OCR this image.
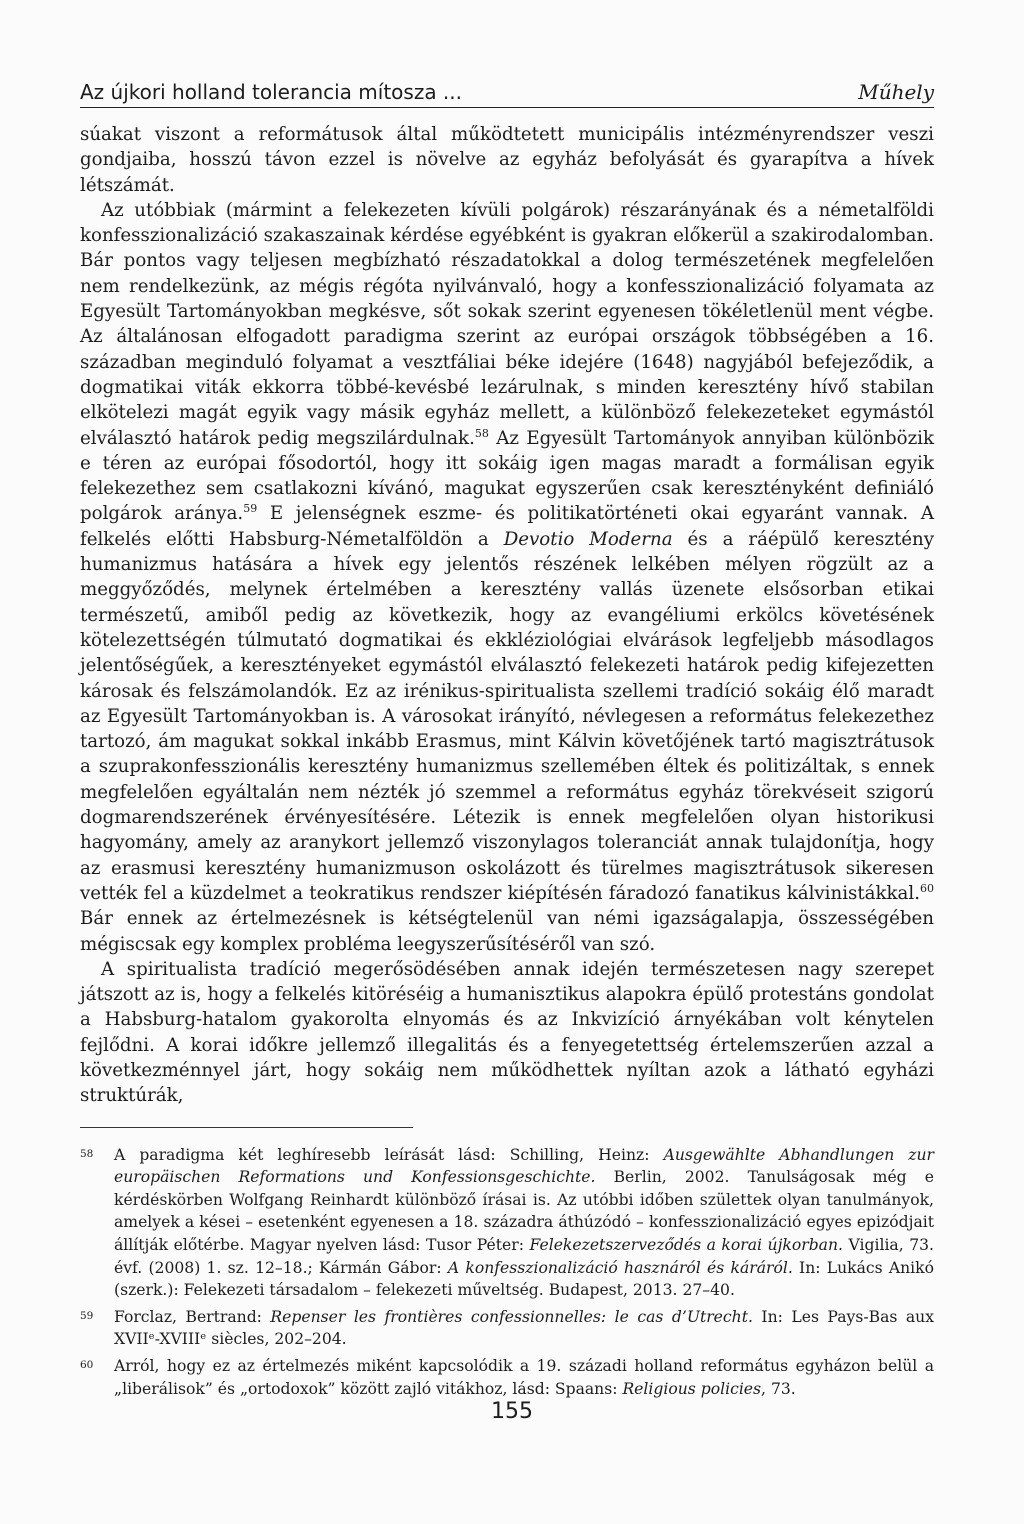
Az újkori holland tolerancia mítosza ...	Műhely

súakat viszont a reformátusok által működtetett municipális intézményrendszer veszi gondjaiba, hosszú távon ezzel is növelve az egyház befolyását és gyarapítva a hívek létszámát.

Az utóbbiak (mármint a felekezeten kívüli polgárok) részarányának és a németalföldi konfesszionalizáció szakaszainak kérdése egyébként is gyakran előkerül a szakirodalomban. Bár pontos vagy teljesen megbízható részadatokkal a dolog természetének megfelelően nem rendelkezünk, az mégis régóta nyilvánvaló, hogy a konfesszionalizáció folyamata az Egyesült Tartományokban megkésve, sőt sokak szerint egyenesen tökéletlenül ment végbe. Az általánosan elfogadott paradigma szerint az európai országok többségében a 16. században meginduló folyamat a vesztfáliai béke idejére (1648) nagyjából befejeződik, a dogmatikai viták ekkorra többé-kevésbé lezárulnak, s minden keresztény hívő stabilan elkötelezi magát egyik vagy másik egyház mellett, a különböző felekezeteket egymástól elválasztó határok pedig megszilárdulnak.$^{58}$ Az Egyesült Tartományok annyiban különbözik e téren az európai fősodortól, hogy itt sokáig igen magas maradt a formálisan egyik felekezethez sem csatlakozni kívánó, magukat egyszerűen csak keresztényként definiáló polgárok aránya.$^{59}$ E jelenségnek eszme- és politikatörténeti okai egyaránt vannak. A felkelés előtti Habsburg-Németalföldön a Devotio Moderna és a ráépülő keresztény humanizmus hatására a hívek egy jelentős részének lelkében mélyen rögzült az a meggyőződés, melynek értelmében a keresztény vallás üzenete elsősorban etikai természetű, amiből pedig az következik, hogy az evangéliumi erkölcs követésének kötelezettségén túlmutató dogmatikai és ekkléziológiai elvárások legfeljebb másodlagos jelentőségűek, a keresztényeket egymástól elválasztó felekezeti határok pedig kifejezetten károsak és felszámolandók. Ez az irénikus-spiritualista szellemi tradíció sokáig élő maradt az Egyesült Tartományokban is. A városokat irányító, névlegesen a református felekezethez tartozó, ám magukat sokkal inkább Erasmus, mint Kálvin követőjének tartó magisztrátusok a szuprakonfesszionális keresztény humanizmus szellemében éltek és politizáltak, s ennek megfelelően egyáltalán nem nézték jó szemmel a református egyház törekvéseit szigorú dogmarendszerének érvényesítésére. Létezik is ennek megfelelően olyan historikusi hagyomány, amely az aranykort jellemző viszonylagos toleranciát annak tulajdonítja, hogy az erasmusi keresztény humanizmuson oskolázott és türelmes magisztrátusok sikeresen vették fel a küzdelmet a teokratikus rendszer kiépítésén fáradozó fanatikus kálvinistákkal.$^{60}$ Bár ennek az értelmezésnek is kétségtelenül van némi igazságalapja, összességében mégiscsak egy komplex probléma leegyszerűsítéséről van szó.

A spiritualista tradíció megerősödésében annak idején természetesen nagy szerepet játszott az is, hogy a felkelés kitöréséig a humanisztikus alapokra épülő protestáns gondolat a Habsburg-hatalom gyakorolta elnyomás és az Inkvizíció árnyékában volt kénytelen fejlődni. A korai időkre jellemző illegalitás és a fenyegetettség értelemszerűen azzal a következménnyel járt, hogy sokáig nem működhettek nyíltan azok a látható egyházi struktúrák,

58	A paradigma két leghíresebb leírását lásd: Schilling, Heinz: Ausgewählte Abhandlungen zur europäischen Reformations und Konfessionsgeschichte. Berlin, 2002. Tanulságosak még e kérdéskörben Wolfgang Reinhardt különböző írásai is. Az utóbbi időben születtek olyan tanulmányok, amelyek a kései – esetenként egyenesen a 18. századra áthúzódó – konfesszionalizáció egyes epizódjait állítják előtérbe. Magyar nyelven lásd: Tusor Péter: Felekezetszerveződés a korai újkorban. Vigilia, 73. évf. (2008) 1. sz. 12–18.; Kármán Gábor: A konfesszionalizáció hasznáról és káráról. In: Lukács Anikó (szerk.): Felekezeti társadalom – felekezeti műveltség. Budapest, 2013. 27–40.
59	Forclaz, Bertrand: Repenser les frontières confessionnelles: le cas d’Utrecht. In: Les Pays-Bas aux XVIIᵉ-XVIIIᵉ siècles, 202–204.
60	Arról, hogy ez az értelmezés miként kapcsolódik a 19. századi holland református egyházon belül a „liberálisok” és „ortodoxok” között zajló vitákhoz, lásd: Spaans: Religious policies, 73.
155
